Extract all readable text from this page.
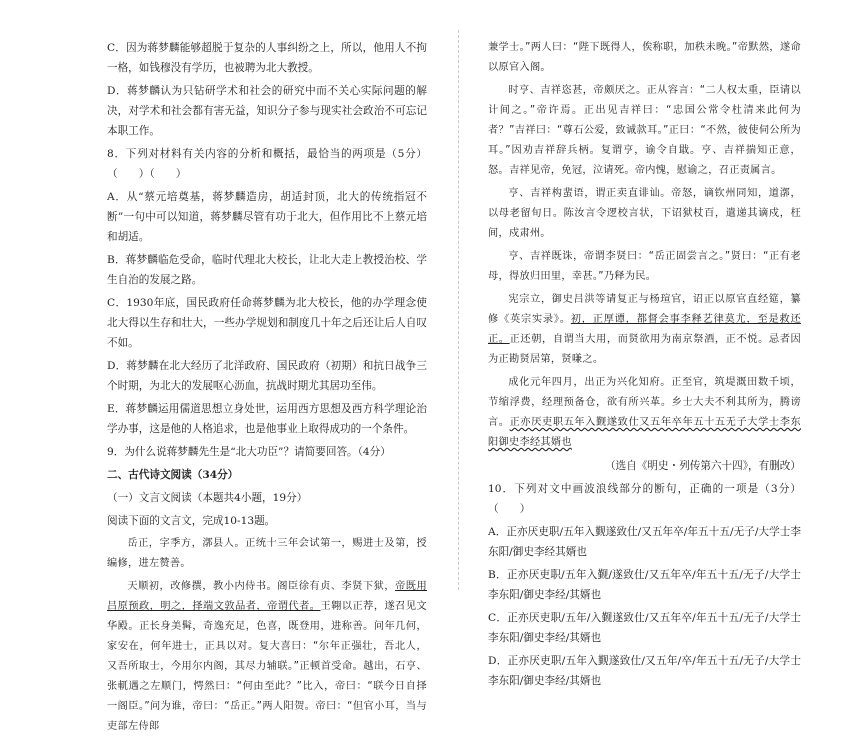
C．因为蒋梦麟能够超脱于复杂的人事纠纷之上，所以，他用人不拘一格，如钱穆没有学历，也被聘为北大教授。

D．蒋梦麟认为只钻研学术和社会的研究中而不关心实际问题的解决，对学术和社会都有害无益，知识分子参与现实社会政治不可忘记本职工作。

8．下列对材料有关内容的分析和概括，最恰当的两项是（5分）（　　）（　　）

A．从“蔡元培奠基，蒋梦麟造房，胡适封顶，北大的传统指冠不断”一句中可以知道，蒋梦麟尽管有功于北大，但作用比不上蔡元培和胡适。

B．蒋梦麟临危受命，临时代理北大校长，让北大走上教授治校、学生自治的发展之路。

C．1930年底，国民政府任命蒋梦麟为北大校长，他的办学理念使北大得以生存和壮大，一些办学规划和制度几十年之后还让后人自叹不如。

D．蒋梦麟在北大经历了北洋政府、国民政府（初期）和抗日战争三个时期，为北大的发展呕心沥血，抗战时期尤其居功至伟。

E．蒋梦麟运用儒道思想立身处世，运用西方思想及西方科学理论治学办事，这是他的人格追求，也是他事业上取得成功的一个条件。

9．为什么说蒋梦麟先生是“北大功臣”？请简要回答。（4分）

二、古代诗文阅读（34分）

（一）文言文阅读（本题共4小题，19分）

阅读下面的文言文，完成10-13题。

岳正，字季方，漷县人。正统十三年会试第一，赐进士及第，授编修，进左赞善。

天顺初，改修撰，教小内侍书。阁臣徐有贞、李贤下狱，帝既用吕原预政，明之，择端文敦品者，帝谓代者。王翱以正荐，遂召见文华殿。正长身美髯，奇逸充足，色喜，既登用，进称善。问年几何，家安在，何年进士，正具以对。复大喜曰：“尔年正强壮，吾北人，又吾所取士，今用尔内阁，其尽力辅联。”正顿首受命。越出，石亨、张軏遇之左顺门，愕然曰：“何由至此？”比入，帝曰：“联今日自择一阁臣。”问为谁，帝曰：“岳正。”两人阳贺。帝曰：“但官小耳，当与吏部左侍郎

兼学士。”两人曰：“陛下既得人，俟称职，加秩未晚。”帝默然，遂命以原官入阁。

时亨、吉祥恣甚，帝颇厌之。正从容言：“二人权太重，臣请以计间之。”帝许焉。正出见吉祥曰：“忠国公常令杜清来此何为者？”吉祥曰：“尊石公爱，致诚款耳。”正曰：“不然，彼使伺公所为耳。”因劝吉祥辞兵柄。复谓亨，谕令自戢。亨、吉祥揣知正意，怒。吉祥见帝，免冠，泣请死。帝内愧，慰谕之，召正责属言。

亨、吉祥构蜚语，谓正卖直诽讪。帝怒，谪钦州同知，道漷，以母老留旬日。陈汝言令逻校言状，下诏狱杖百，遣递其谪戍，枉间，戍肃州。

亨、吉祥既诛，帝谓李贤曰：“岳正固尝言之。”贤曰：“正有老母，得放归田里，幸甚。”乃释为民。

宪宗立，御史吕洪等请复正与杨瑄官，诏正以原官直经筵，纂修《英宗实录》。初，正厚谭，都督会事李释艺律莫尤，至是救还正。正还朝，自谓当大用，而贤欲用为南京祭酒，正不悦。忌者因为正勘贤居第，贤嗛之。

成化元年四月，出正为兴化知府。正至官，筑堤溉田数千顷，节缩浮费，经理预备仓，欲有所兴革。乡士大夫不利其所为，腾谤言。正亦厌吏职五年入觐遂致仕又五年卒年五十五无子大学士李东阳御史李经其婿也

（选自《明史・列传第六十四》，有删改）

10．下列对文中画波浪线部分的断句，正确的一项是（3分）（　　）

A．正亦厌吏职/五年入觐遂致仕/又五年卒/年五十五/无子/大学士李东阳/御史李经其婿也

B．正亦厌吏职/五年入觐/遂致仕/又五年卒/年五十五/无子/大学士李东阳/御史李经/其婿也

C．正亦厌吏职/五年/入觐遂致仕/又五年卒/年五十五/无子/大学士李东阳/御史李经/其婿也

D．正亦厌吏职/五年入觐遂致仕/又五年/卒/年五十五/无子/大学士李东阳/御史李经/其婿也
